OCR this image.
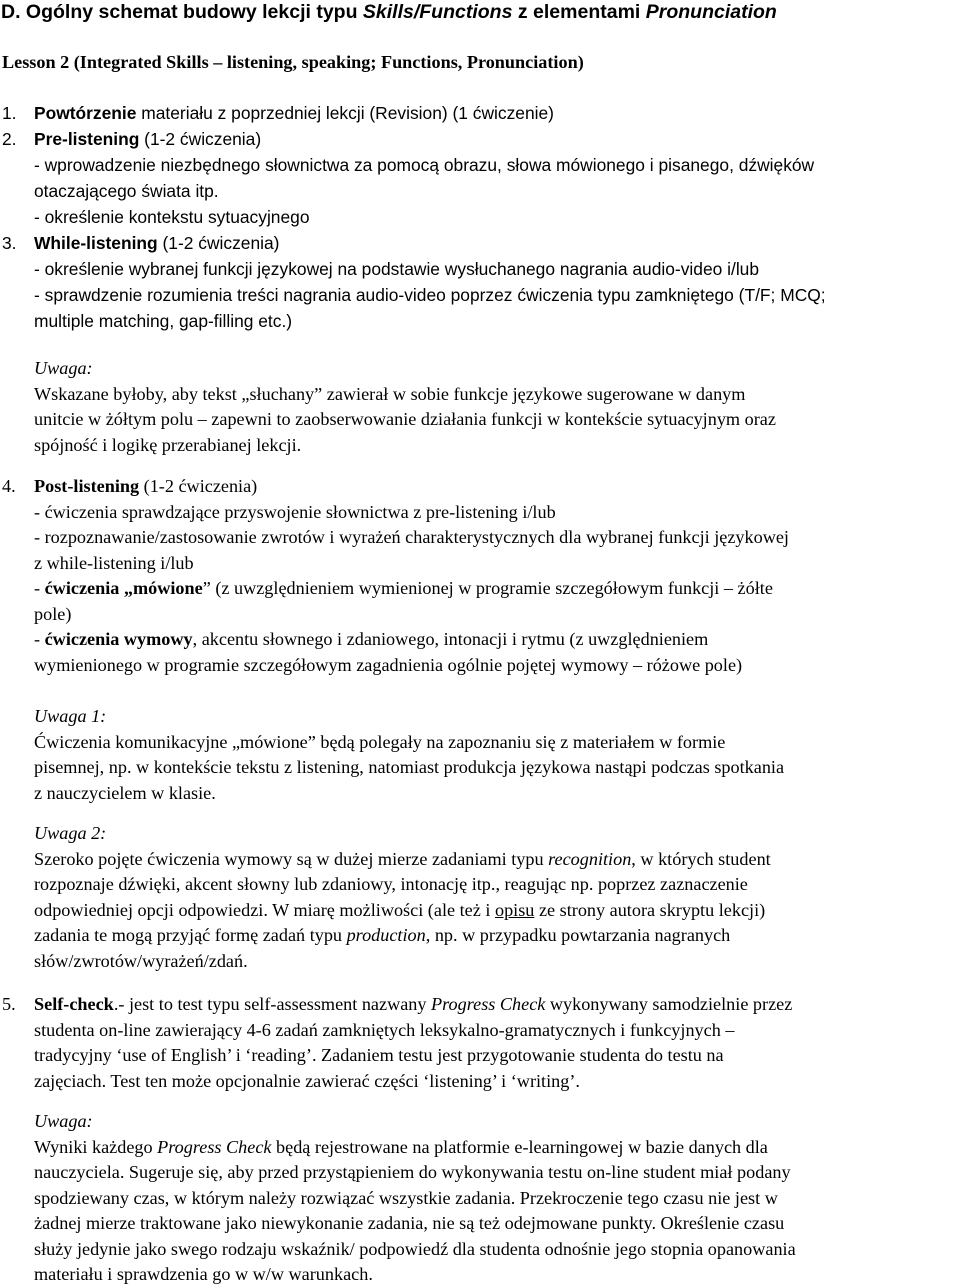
D. Ogólny schemat budowy lekcji typu Skills/Functions z elementami Pronunciation
Lesson 2 (Integrated Skills – listening, speaking; Functions, Pronunciation)
1. Powtórzenie materiału z poprzedniej lekcji (Revision) (1 ćwiczenie)
2. Pre-listening (1-2 ćwiczenia)
- wprowadzenie niezbędnego słownictwa za pomocą obrazu, słowa mówionego i pisanego, dźwięków
otaczającego świata itp.
- określenie kontekstu sytuacyjnego
3. While-listening (1-2 ćwiczenia)
- określenie wybranej funkcji językowej na podstawie wysłuchanego nagrania audio-video i/lub
- sprawdzenie rozumienia treści nagrania audio-video poprzez ćwiczenia typu zamkniętego (T/F; MCQ;
multiple matching, gap-filling etc.)
Uwaga:
Wskazane byłoby, aby tekst „słuchany” zawierał w sobie funkcje językowe sugerowane w danym
unitcie w żółtym polu – zapewni to zaobserwowanie działania funkcji w kontekście sytuacyjnym oraz
spójność i logikę przerabianej lekcji.
4. Post-listening (1-2 ćwiczenia)
- ćwiczenia sprawdzające przyswojenie słownictwa z pre-listening i/lub
- rozpoznawanie/zastosowanie zwrotów i wyrażeń charakterystycznych dla wybranej funkcji językowej
z while-listening i/lub
- ćwiczenia „mówione” (z uwzględnieniem wymienionej w programie szczegółowym funkcji – żółte
pole)
- ćwiczenia wymowy, akcentu słownego i zdaniowego, intonacji i rytmu (z uwzględnieniem
wymienionego w programie szczegółowym zagadnienia ogólnie pojętej wymowy – różowe pole)
Uwaga 1:
Ćwiczenia komunikacyjne „mówione” będą polegały na zapoznaniu się z materiałem w formie
pisemnej, np. w kontekście tekstu z listening, natomiast produkcja językowa nastąpi podczas spotkania
z nauczycielem w klasie.
Uwaga 2:
Szeroko pojęte ćwiczenia wymowy są w dużej mierze zadaniami typu recognition, w których student
rozpoznaje dźwięki, akcent słowny lub zdaniowy, intonację itp., reagując np. poprzez zaznaczenie
odpowiedniej opcji odpowiedzi. W miarę możliwości (ale też i opisu ze strony autora skryptu lekcji)
zadania te mogą przyjąć formę zadań typu production, np. w przypadku powtarzania nagranych
słów/zwrotów/wyrażeń/zdań.
5. Self-check.- jest to test typu self-assessment nazwany Progress Check wykonywany samodzielnie przez
studenta on-line zawierający 4-6 zadań zamkniętych leksykalno-gramatycznych i funkcyjnych –
tradycyjny ‘use of English’ i ‘reading’. Zadaniem testu jest przygotowanie studenta do testu na
zajęciach. Test ten może opcjonalnie zawierać części ‘listening’ i ‘writing’.
Uwaga:
Wyniki każdego Progress Check będą rejestrowane na platformie e-learningowej w bazie danych dla
nauczyciela. Sugeruje się, aby przed przystąpieniem do wykonywania testu on-line student miał podany
spodziewany czas, w którym należy rozwiązać wszystkie zadania. Przekroczenie tego czasu nie jest w
żadnej mierze traktowane jako niewykonanie zadania, nie są też odejmowane punkty. Określenie czasu
służy jedynie jako swego rodzaju wskaźnik/ podpowiedź dla studenta odnośnie jego stopnia opanowania
materiału i sprawdzenia go w w/w warunkach.
